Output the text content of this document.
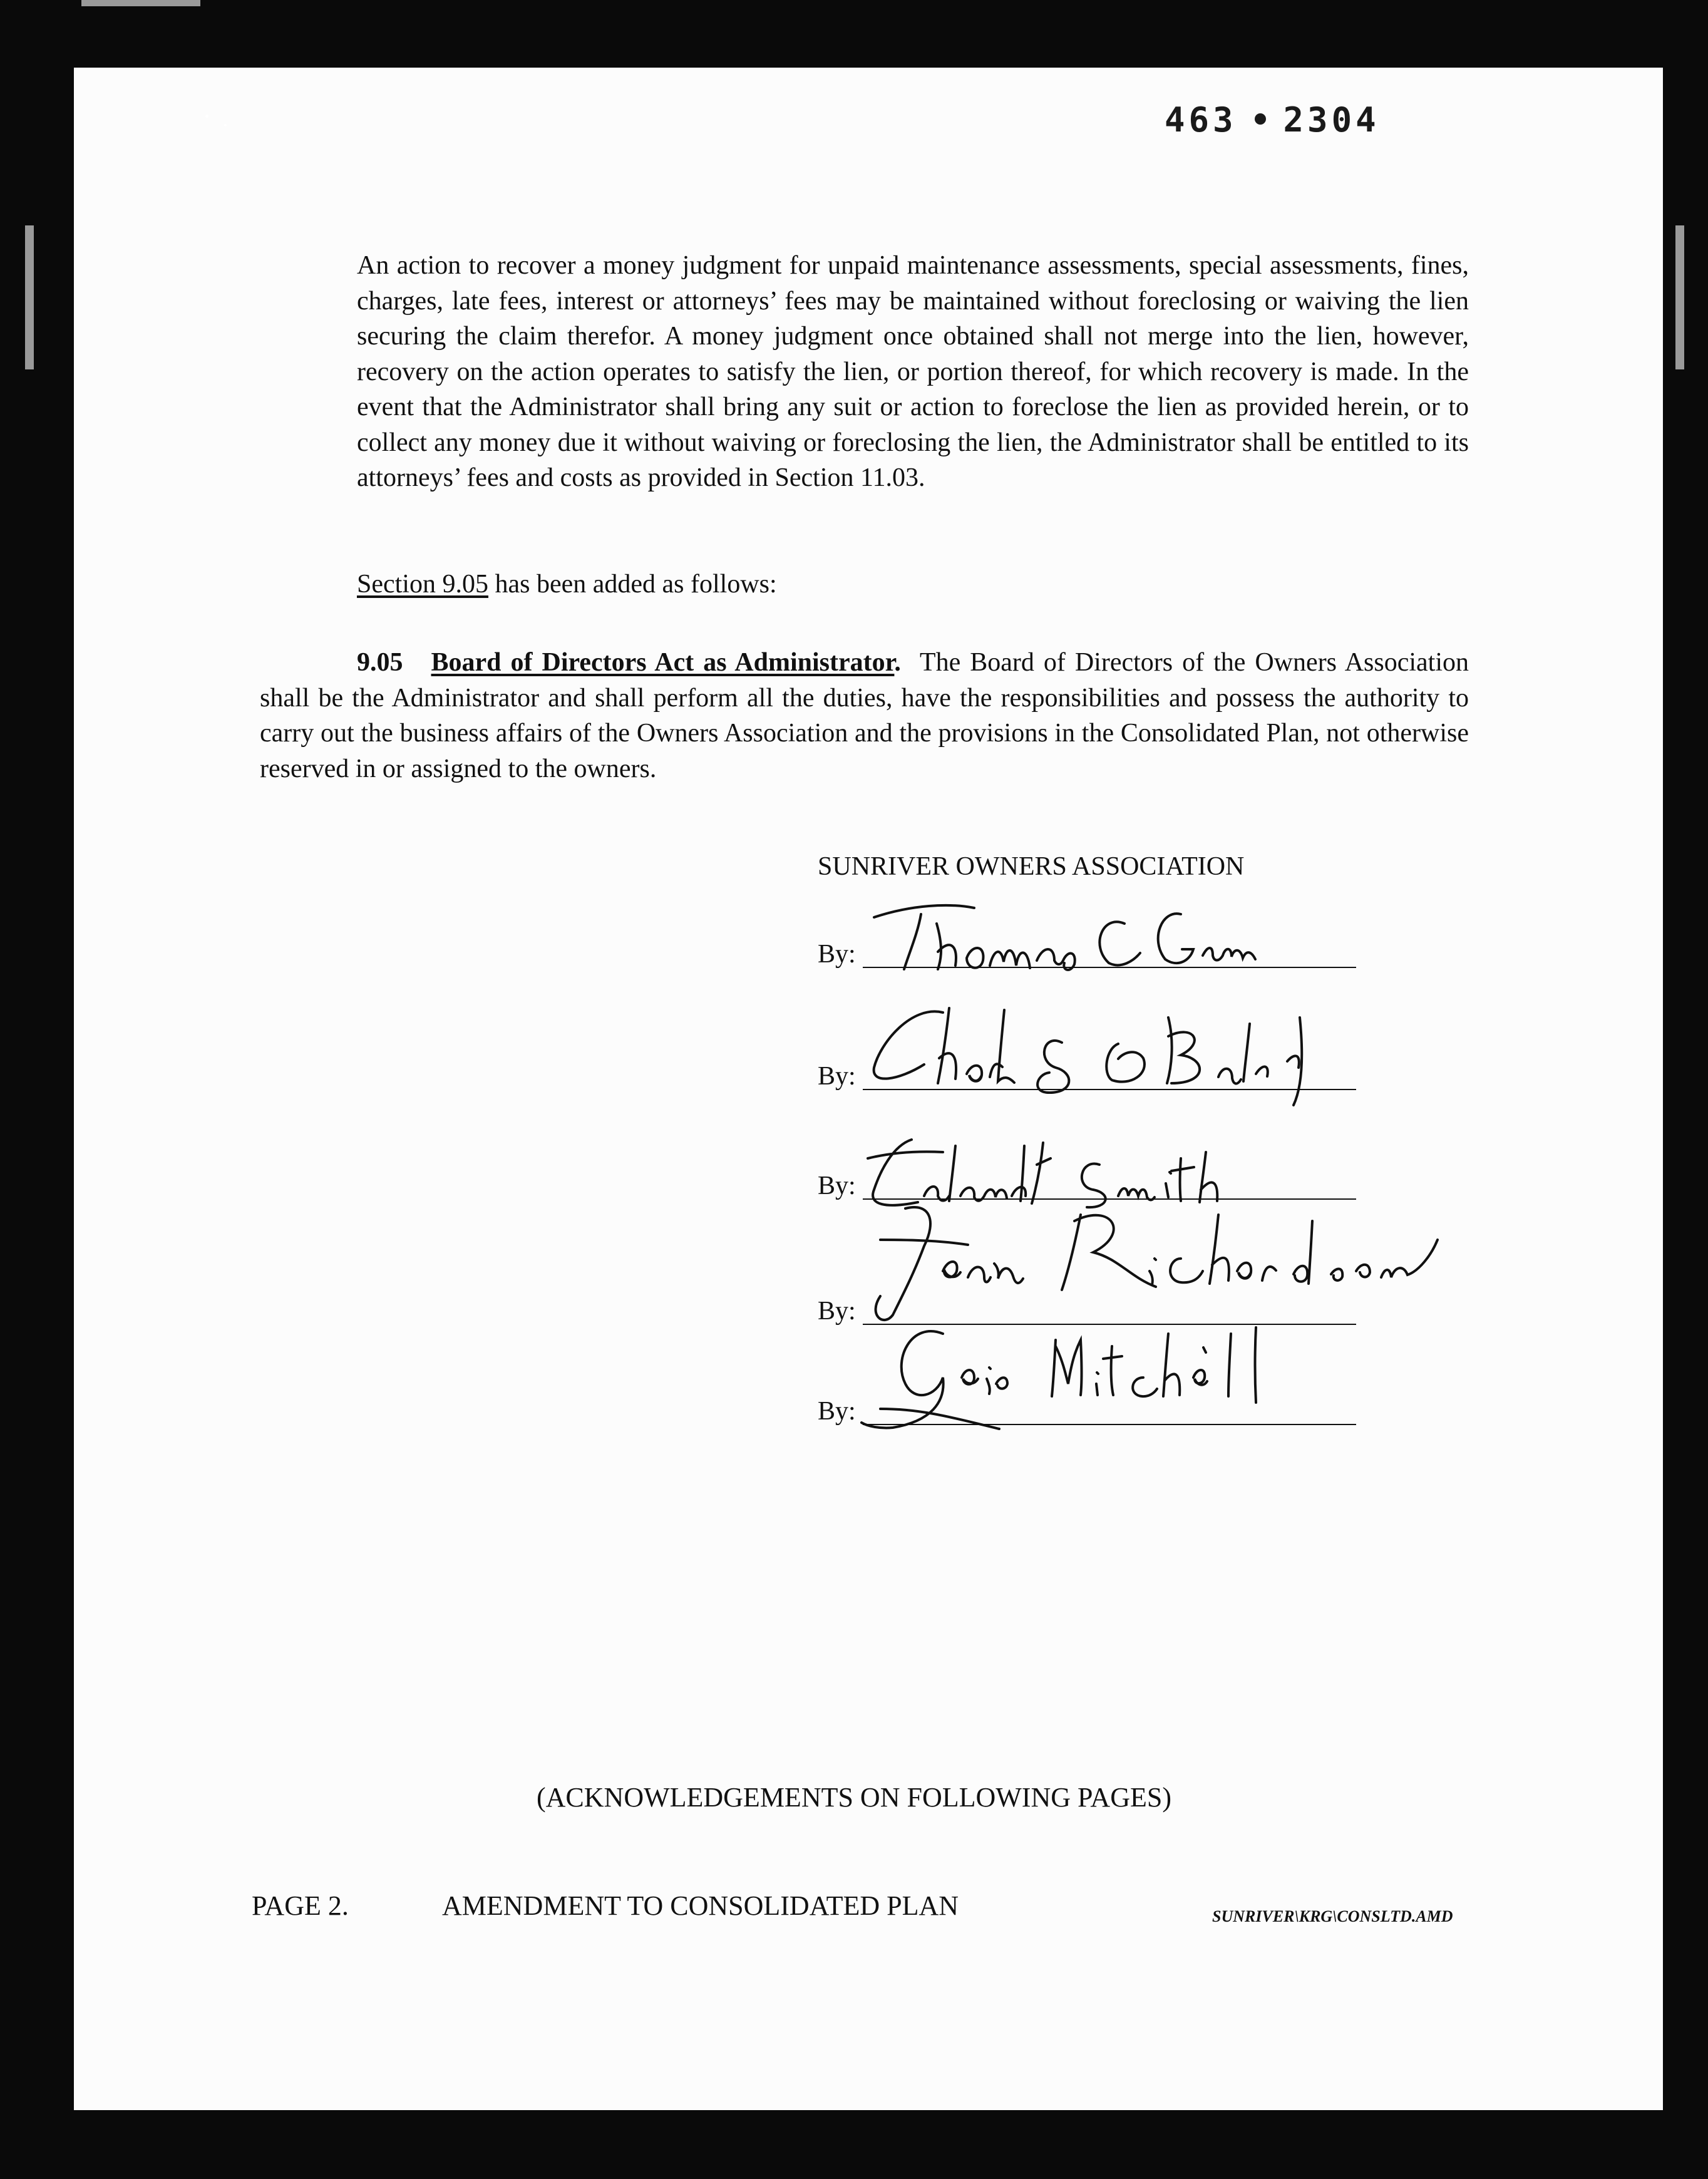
463 2304

An action to recover a money judgment for unpaid maintenance assessments, special assessments, fines, charges, late fees, interest or attorneys’ fees may be maintained without foreclosing or waiving the lien securing the claim therefor. A money judgment once obtained shall not merge into the lien, however, recovery on the action operates to satisfy the lien, or portion thereof, for which recovery is made. In the event that the Administrator shall bring any suit or action to foreclose the lien as provided herein, or to collect any money due it without waiving or foreclosing the lien, the Administrator shall be entitled to its attorneys’ fees and costs as provided in Section 11.03.

Section 9.05 has been added as follows:

9.05 Board of Directors Act as Administrator. The Board of Directors of the Owners Association shall be the Administrator and shall perform all the duties, have the responsibilities and possess the authority to carry out the business affairs of the Owners Association and the provisions in the Consolidated Plan, not otherwise reserved in or assigned to the owners.

SUNRIVER OWNERS ASSOCIATION
By:
By:
By:
By:
By:
(ACKNOWLEDGEMENTS ON FOLLOWING PAGES)
PAGE 2.	AMENDMENT TO CONSOLIDATED PLAN	SUNRIVER\KRG\CONSLTD.AMD
